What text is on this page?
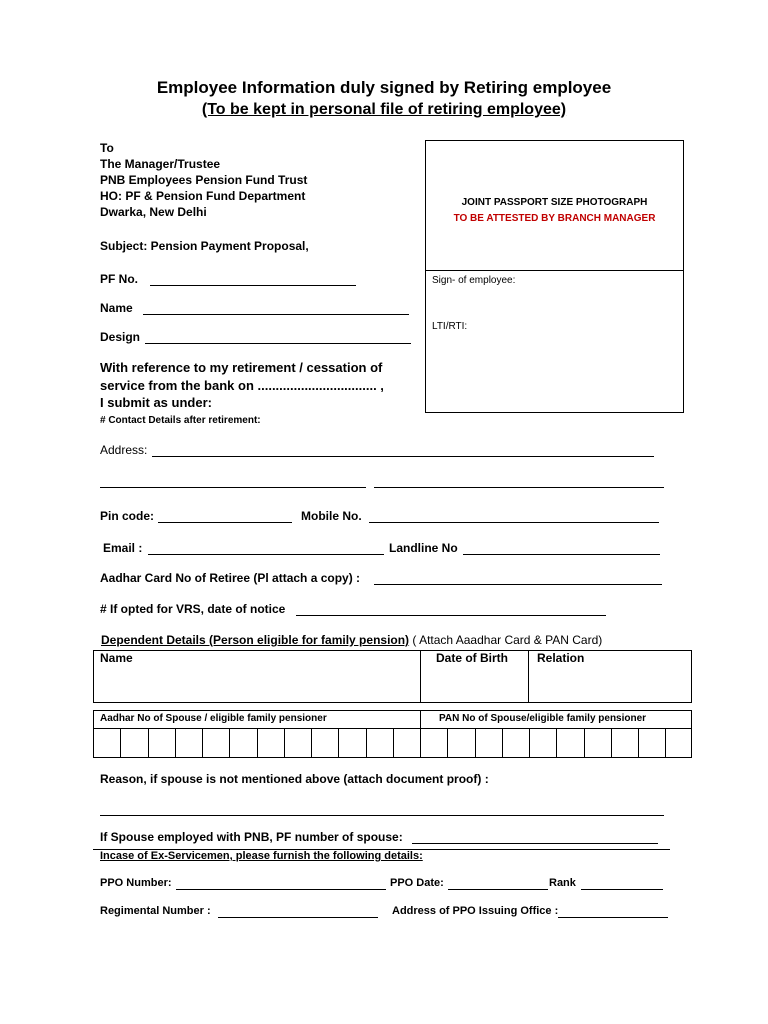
Employee Information duly signed by Retiring employee
(To be kept in personal file of retiring employee)
To
The Manager/Trustee
PNB Employees Pension Fund Trust
HO: PF & Pension Fund Department
Dwarka, New Delhi
Subject: Pension Payment Proposal,
PF No.
Name
Design
With reference to my retirement / cessation of
service from the bank on ................................. ,
I submit as under:
JOINT PASSPORT SIZE PHOTOGRAPH
TO BE ATTESTED BY BRANCH MANAGER
Sign- of employee:
LTI/RTI:
# Contact Details after retirement:
Address:
Pin code:	Mobile No.
Email :	Landline No
Aadhar Card No of Retiree (Pl attach a copy) :
# If opted for VRS, date of notice
Dependent Details (Person eligible for family pension) ( Attach Aaadhar Card & PAN Card)
Name	Date of Birth Relation
Aadhar No of Spouse / eligible family pensioner	PAN No of Spouse/eligible family pensioner
Reason, if spouse is not mentioned above (attach document proof) :
If Spouse employed with PNB, PF number of spouse:
Incase of Ex-Servicemen, please furnish the following details:
PPO Number:	PPO Date:	Rank
Regimental Number :	Address of PPO Issuing Office :
